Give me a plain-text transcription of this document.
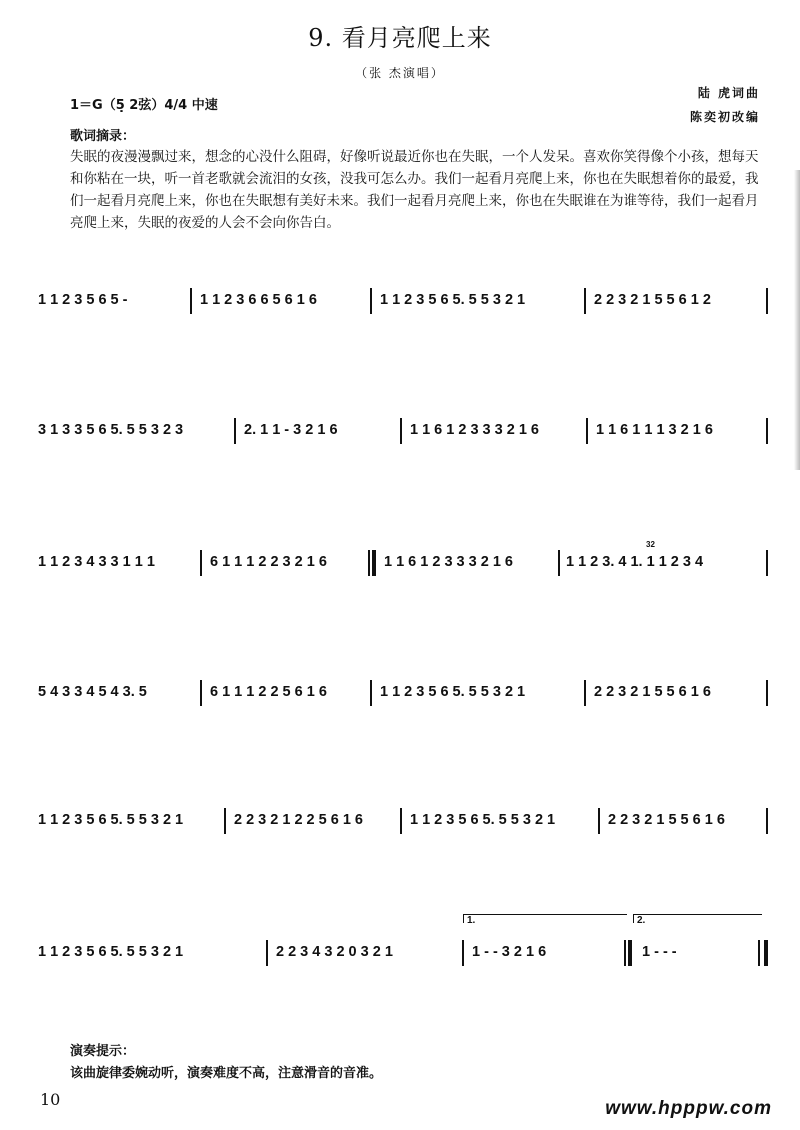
9. 看月亮爬上来
（张 杰演唱）
1＝G（5̣ 2弦）4/4 中速
陆 虎词曲
陈奕初改编
歌词摘录：
失眠的夜漫漫飘过来，想念的心没什么阻碍，好像听说最近你也在失眠，一个人发呆。喜欢你笑得像个小孩，想每天和你粘在一块，听一首老歌就会流泪的女孩，没我可怎么办。我们一起看月亮爬上来，你也在失眠想着你的最爱，我们一起看月亮爬上来，你也在失眠想有美好未来。我们一起看月亮爬上来，你也在失眠谁在为谁等待，我们一起看月亮爬上来，失眠的夜爱的人会不会向你告白。
1 1 2 3 5 6 5 -	1 1 2 3 6 6 5 6 1 6	1 1 2 3 5 6 5. 5 5 3 2 1	2 2 3 2 1 5 5 6 1 2
3 1 3 3 5 6 5. 5 5 3 2 3	2. 1 1 - 3 2 1 6	1 1 6 1 2 3 3 3 2 1 6	1 1 6 1 1 1 3 2 1 6
1 1 2 3 4 3 3 1 1 1	6 1 1 1 2 2 3 2 1 6	1 1 6 1 2 3 3 3 2 1 6	1 1 2 3. 4 1. 1 1 2 3 4
32
5 4 3 3 4 5 4 3. 5	6 1 1 1 2 2 5 6 1 6	1 1 2 3 5 6 5. 5 5 3 2 1	2 2 3 2 1 5 5 6 1 6
1 1 2 3 5 6 5. 5 5 3 2 1	2 2 3 2 1 2 2 5 6 1 6	1 1 2 3 5 6 5. 5 5 3 2 1	2 2 3 2 1 5 5 6 1 6
1.	2.
1 1 2 3 5 6 5. 5 5 3 2 1	2 2 3 4 3 2 0 3 2 1	1 - - 3 2 1 6	1 - - -
演奏提示：
该曲旋律委婉动听，演奏难度不高，注意滑音的音准。
10	www.hpppw.com
